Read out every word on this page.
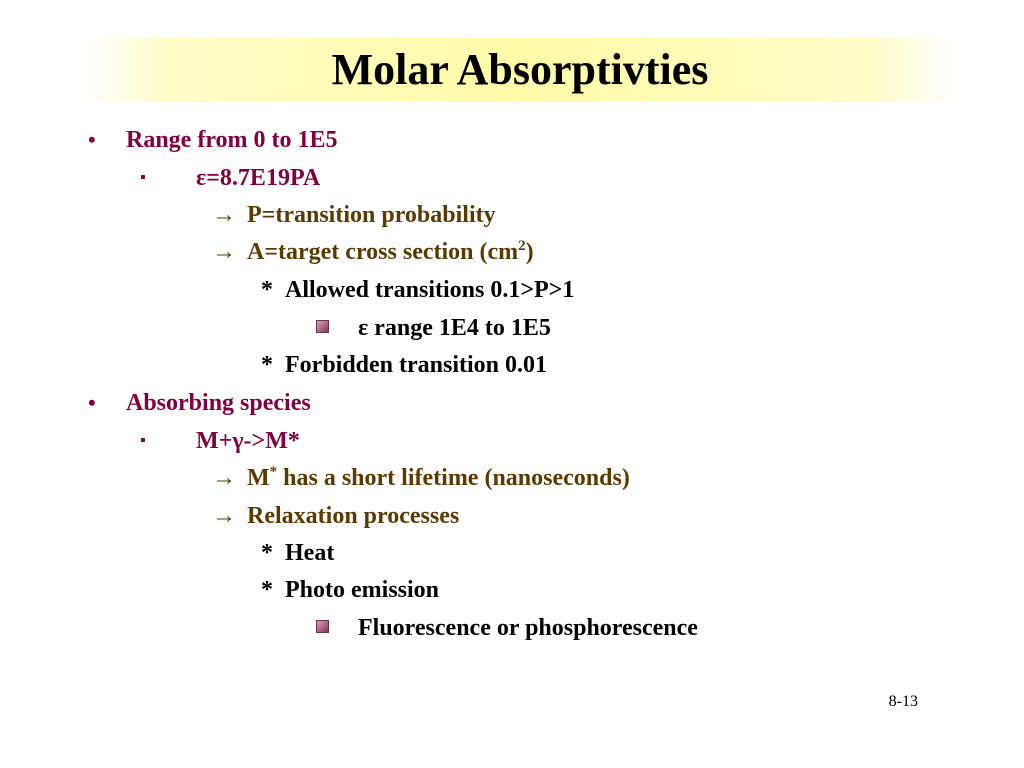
Molar Absorptivties
• Range from 0 to 1E5
▪ ε=8.7E19PA
→ P=transition probability
→ A=target cross section $(cm^2)$
* Allowed transitions 0.1>P>1
ε range 1E4 to 1E5
* Forbidden transition 0.01
• Absorbing species
▪ M+γ->M*
→ M* has a short lifetime (nanoseconds)
→ Relaxation processes
* Heat
* Photo emission
Fluorescence or phosphorescence
8-13
